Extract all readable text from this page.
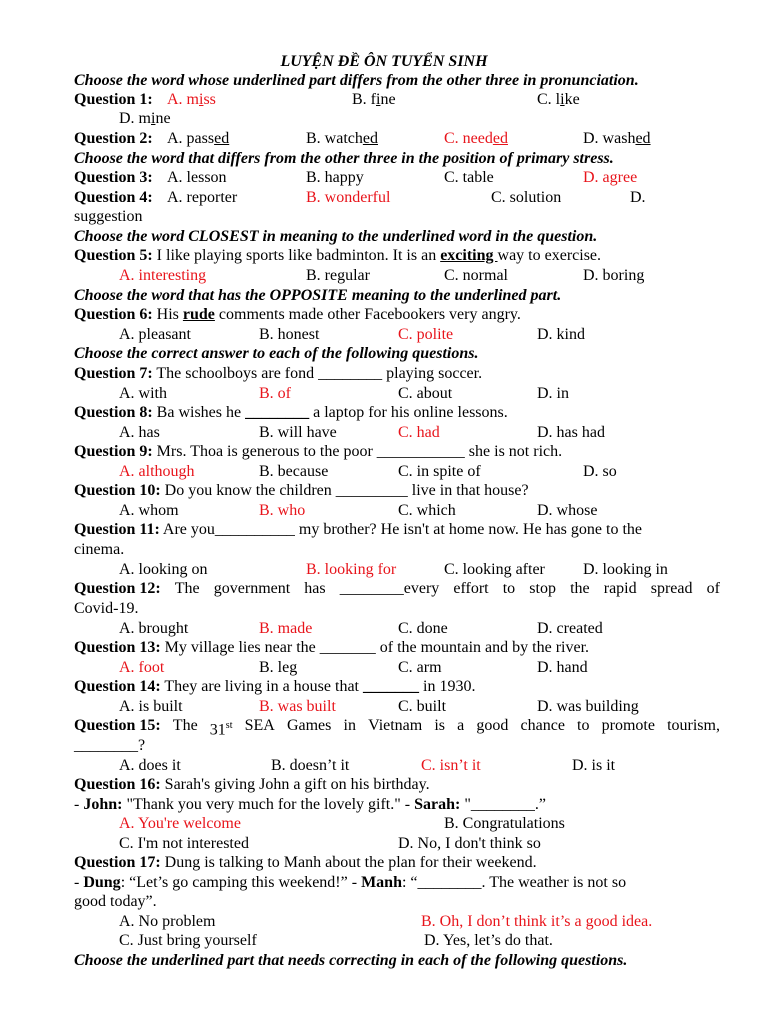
LUYỆN ĐỀ ÔN TUYỂN SINH
Choose the word whose underlined part differs from the other three in pronunciation.
Question 1: A. miss	B. fine	C. like
D. mine
Question 2: A. passed	B. watched	C. needed	D. washed
Choose the word that differs from the other three in the position of primary stress.
Question 3: A. lesson	B. happy	C. table	D. agree
Question 4: A. reporter	B. wonderful	C. solution	D.
suggestion
Choose the word CLOSEST in meaning to the underlined word in the question.
Question 5: I like playing sports like badminton. It is an exciting way to exercise.
A. interesting	B. regular	C. normal	D. boring
Choose the word that has the OPPOSITE meaning to the underlined part.
Question 6: His rude comments made other Facebookers very angry.
A. pleasant	B. honest	C. polite	D. kind
Choose the correct answer to each of the following questions.
Question 7: The schoolboys are fond ________ playing soccer.
A. with	B. of	C. about	D. in
Question 8: Ba wishes he ________ a laptop for his online lessons.
A. has	B. will have	C. had	D. has had
Question 9: Mrs. Thoa is generous to the poor ___________ she is not rich.
A. although	B. because	C. in spite of	D. so
Question 10: Do you know the children _________ live in that house?
A. whom	B. who	C. which	D. whose
Question 11: Are you__________ my brother? He isn't at home now. He has gone to the
cinema.
A. looking on	B. looking for	C. looking after D. looking in
Question 12: The government has ________every effort to stop the rapid spread of
Covid-19.
A. brought	B. made	C. done	D. created
Question 13: My village lies near the _______ of the mountain and by the river.
A. foot	B. leg	C. arm	D. hand
Question 14: They are living in a house that _______ in 1930.
A. is built	B. was built	C. built	D. was building
Question 15: The 31st SEA Games in Vietnam is a good chance to promote tourism,
________?
A. does it	B. doesn’t it	C. isn’t it	D. is it
Question 16: Sarah's giving John a gift on his birthday.
- John: "Thank you very much for the lovely gift." - Sarah: "________.”
A. You're welcome	B. Congratulations
C. I'm not interested	D. No, I don't think so
Question 17: Dung is talking to Manh about the plan for their weekend.
- Dung: “Let’s go camping this weekend!” - Manh: “________. The weather is not so
good today”.
A. No problem	B. Oh, I don’t think it’s a good idea.
C. Just bring yourself	D. Yes, let’s do that.
Choose the underlined part that needs correcting in each of the following questions.
